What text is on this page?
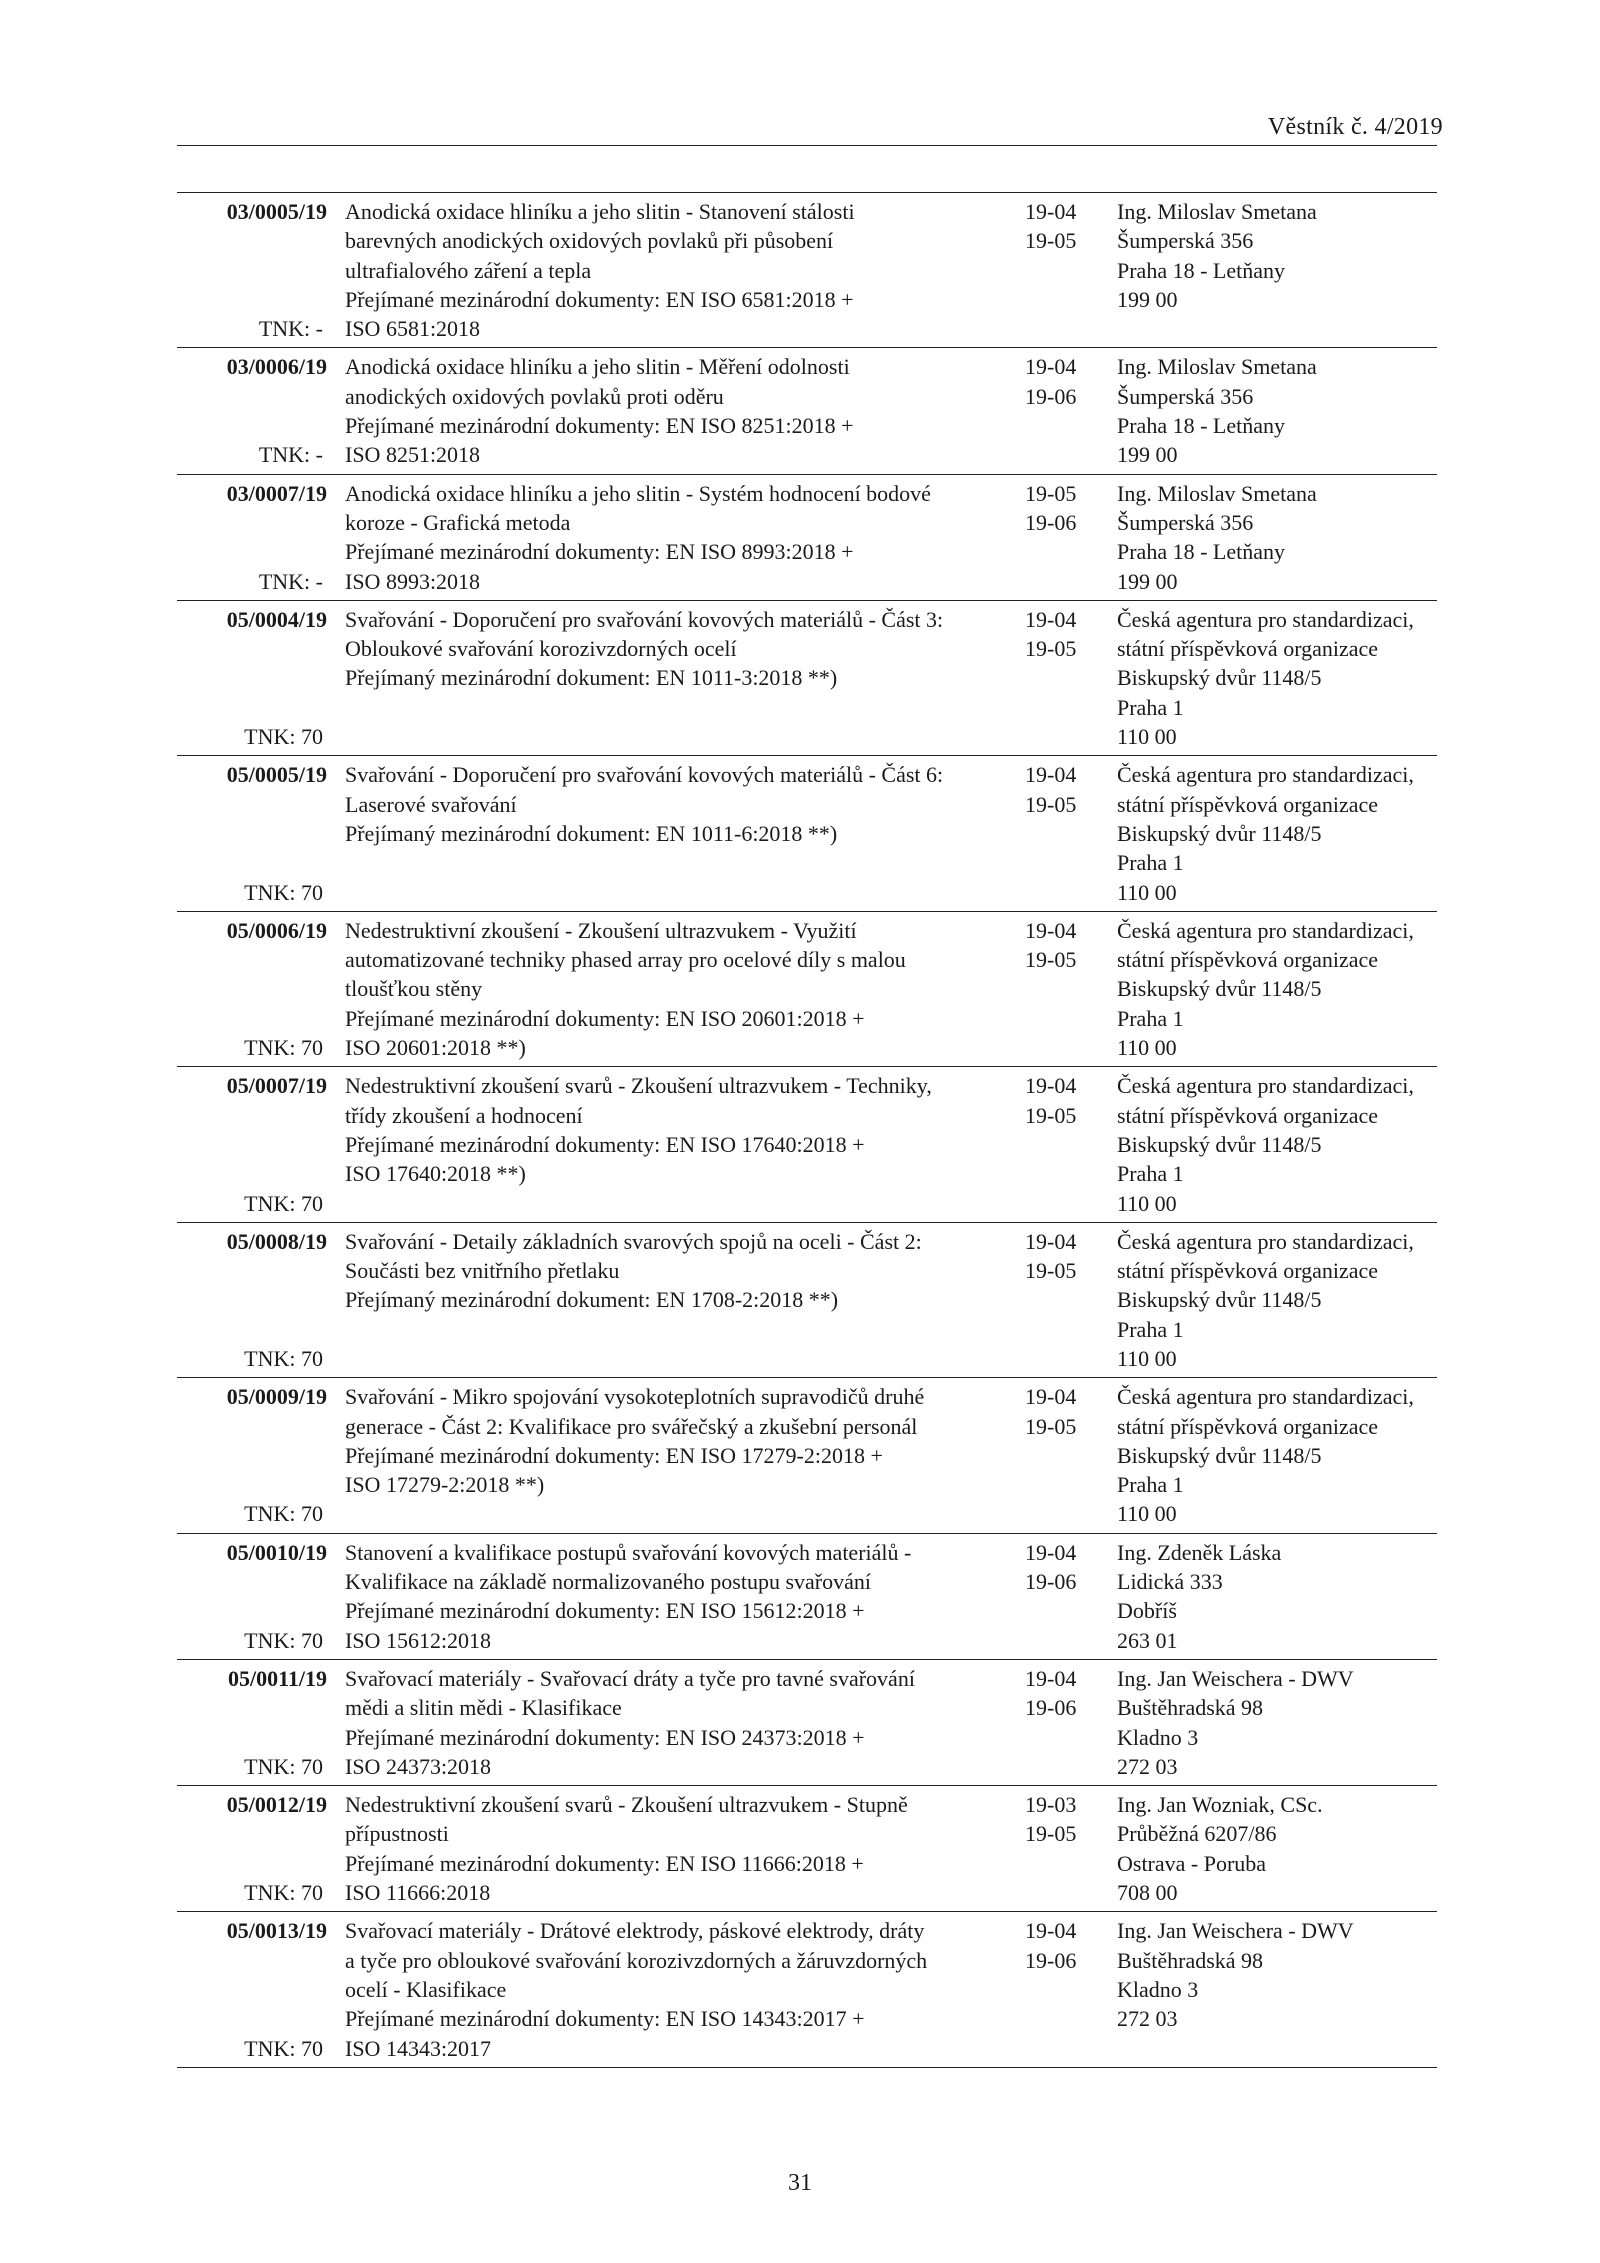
Věstník č. 4/2019
03/0005/19
TNK: -
Anodická oxidace hliníku a jeho slitin - Stanovení stálosti
barevných anodických oxidových povlaků při působení
ultrafialového záření a tepla
Přejímané mezinárodní dokumenty: EN ISO 6581:2018 +
ISO 6581:2018
19-04
19-05
Ing. Miloslav Smetana
Šumperská 356
Praha 18 - Letňany
199 00
03/0006/19
TNK: -
Anodická oxidace hliníku a jeho slitin - Měření odolnosti
anodických oxidových povlaků proti oděru
Přejímané mezinárodní dokumenty: EN ISO 8251:2018 +
ISO 8251:2018
19-04
19-06
Ing. Miloslav Smetana
Šumperská 356
Praha 18 - Letňany
199 00
03/0007/19
TNK: -
Anodická oxidace hliníku a jeho slitin - Systém hodnocení bodové
koroze - Grafická metoda
Přejímané mezinárodní dokumenty: EN ISO 8993:2018 +
ISO 8993:2018
19-05
19-06
Ing. Miloslav Smetana
Šumperská 356
Praha 18 - Letňany
199 00
05/0004/19
TNK: 70
Svařování - Doporučení pro svařování kovových materiálů - Část 3:
Obloukové svařování korozivzdorných ocelí
Přejímaný mezinárodní dokument: EN 1011-3:2018 **)
19-04
19-05
Česká agentura pro standardizaci,
státní příspěvková organizace
Biskupský dvůr 1148/5
Praha 1
110 00
05/0005/19
TNK: 70
Svařování - Doporučení pro svařování kovových materiálů - Část 6:
Laserové svařování
Přejímaný mezinárodní dokument: EN 1011-6:2018 **)
19-04
19-05
Česká agentura pro standardizaci,
státní příspěvková organizace
Biskupský dvůr 1148/5
Praha 1
110 00
05/0006/19
TNK: 70
Nedestruktivní zkoušení - Zkoušení ultrazvukem - Využití
automatizované techniky phased array pro ocelové díly s malou
tloušťkou stěny
Přejímané mezinárodní dokumenty: EN ISO 20601:2018 +
ISO 20601:2018 **)
19-04
19-05
Česká agentura pro standardizaci,
státní příspěvková organizace
Biskupský dvůr 1148/5
Praha 1
110 00
05/0007/19
TNK: 70
Nedestruktivní zkoušení svarů - Zkoušení ultrazvukem - Techniky,
třídy zkoušení a hodnocení
Přejímané mezinárodní dokumenty: EN ISO 17640:2018 +
ISO 17640:2018 **)
19-04
19-05
Česká agentura pro standardizaci,
státní příspěvková organizace
Biskupský dvůr 1148/5
Praha 1
110 00
05/0008/19
TNK: 70
Svařování - Detaily základních svarových spojů na oceli - Část 2:
Součásti bez vnitřního přetlaku
Přejímaný mezinárodní dokument: EN 1708-2:2018 **)
19-04
19-05
Česká agentura pro standardizaci,
státní příspěvková organizace
Biskupský dvůr 1148/5
Praha 1
110 00
05/0009/19
TNK: 70
Svařování - Mikro spojování vysokoteplotních supravodičů druhé
generace - Část 2: Kvalifikace pro svářečský a zkušební personál
Přejímané mezinárodní dokumenty: EN ISO 17279-2:2018 +
ISO 17279-2:2018 **)
19-04
19-05
Česká agentura pro standardizaci,
státní příspěvková organizace
Biskupský dvůr 1148/5
Praha 1
110 00
05/0010/19
TNK: 70
Stanovení a kvalifikace postupů svařování kovových materiálů -
Kvalifikace na základě normalizovaného postupu svařování
Přejímané mezinárodní dokumenty: EN ISO 15612:2018 +
ISO 15612:2018
19-04
19-06
Ing. Zdeněk Láska
Lidická 333
Dobříš
263 01
05/0011/19
TNK: 70
Svařovací materiály - Svařovací dráty a tyče pro tavné svařování
mědi a slitin mědi - Klasifikace
Přejímané mezinárodní dokumenty: EN ISO 24373:2018 +
ISO 24373:2018
19-04
19-06
Ing. Jan Weischera - DWV
Buštěhradská 98
Kladno 3
272 03
05/0012/19
TNK: 70
Nedestruktivní zkoušení svarů - Zkoušení ultrazvukem - Stupně
přípustnosti
Přejímané mezinárodní dokumenty: EN ISO 11666:2018 +
ISO 11666:2018
19-03
19-05
Ing. Jan Wozniak, CSc.
Průběžná 6207/86
Ostrava - Poruba
708 00
05/0013/19
TNK: 70
Svařovací materiály - Drátové elektrody, páskové elektrody, dráty
a tyče pro obloukové svařování korozivzdorných a žáruvzdorných
ocelí - Klasifikace
Přejímané mezinárodní dokumenty: EN ISO 14343:2017 +
ISO 14343:2017
19-04
19-06
Ing. Jan Weischera - DWV
Buštěhradská 98
Kladno 3
272 03
31
